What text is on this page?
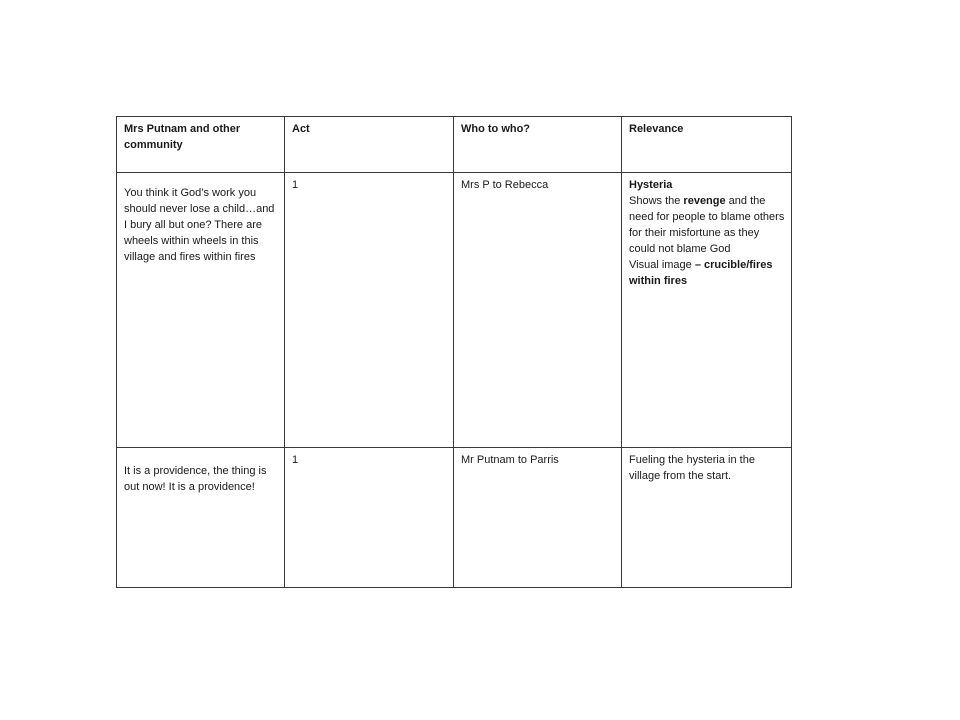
Mrs Putnam and other community	Act	Who to who?	Relevance

You think it God’s work you should never lose a child…and I bury all but one? There are wheels within wheels in this village and fires within fires	1	Mrs P to Rebecca	Hysteria
Shows the revenge and the need for people to blame others for their misfortune as they could not blame God
Visual image – crucible/fires within fires

It is a providence, the thing is out now! It is a providence!	1	Mr Putnam to Parris	Fueling the hysteria in the village from the start.
